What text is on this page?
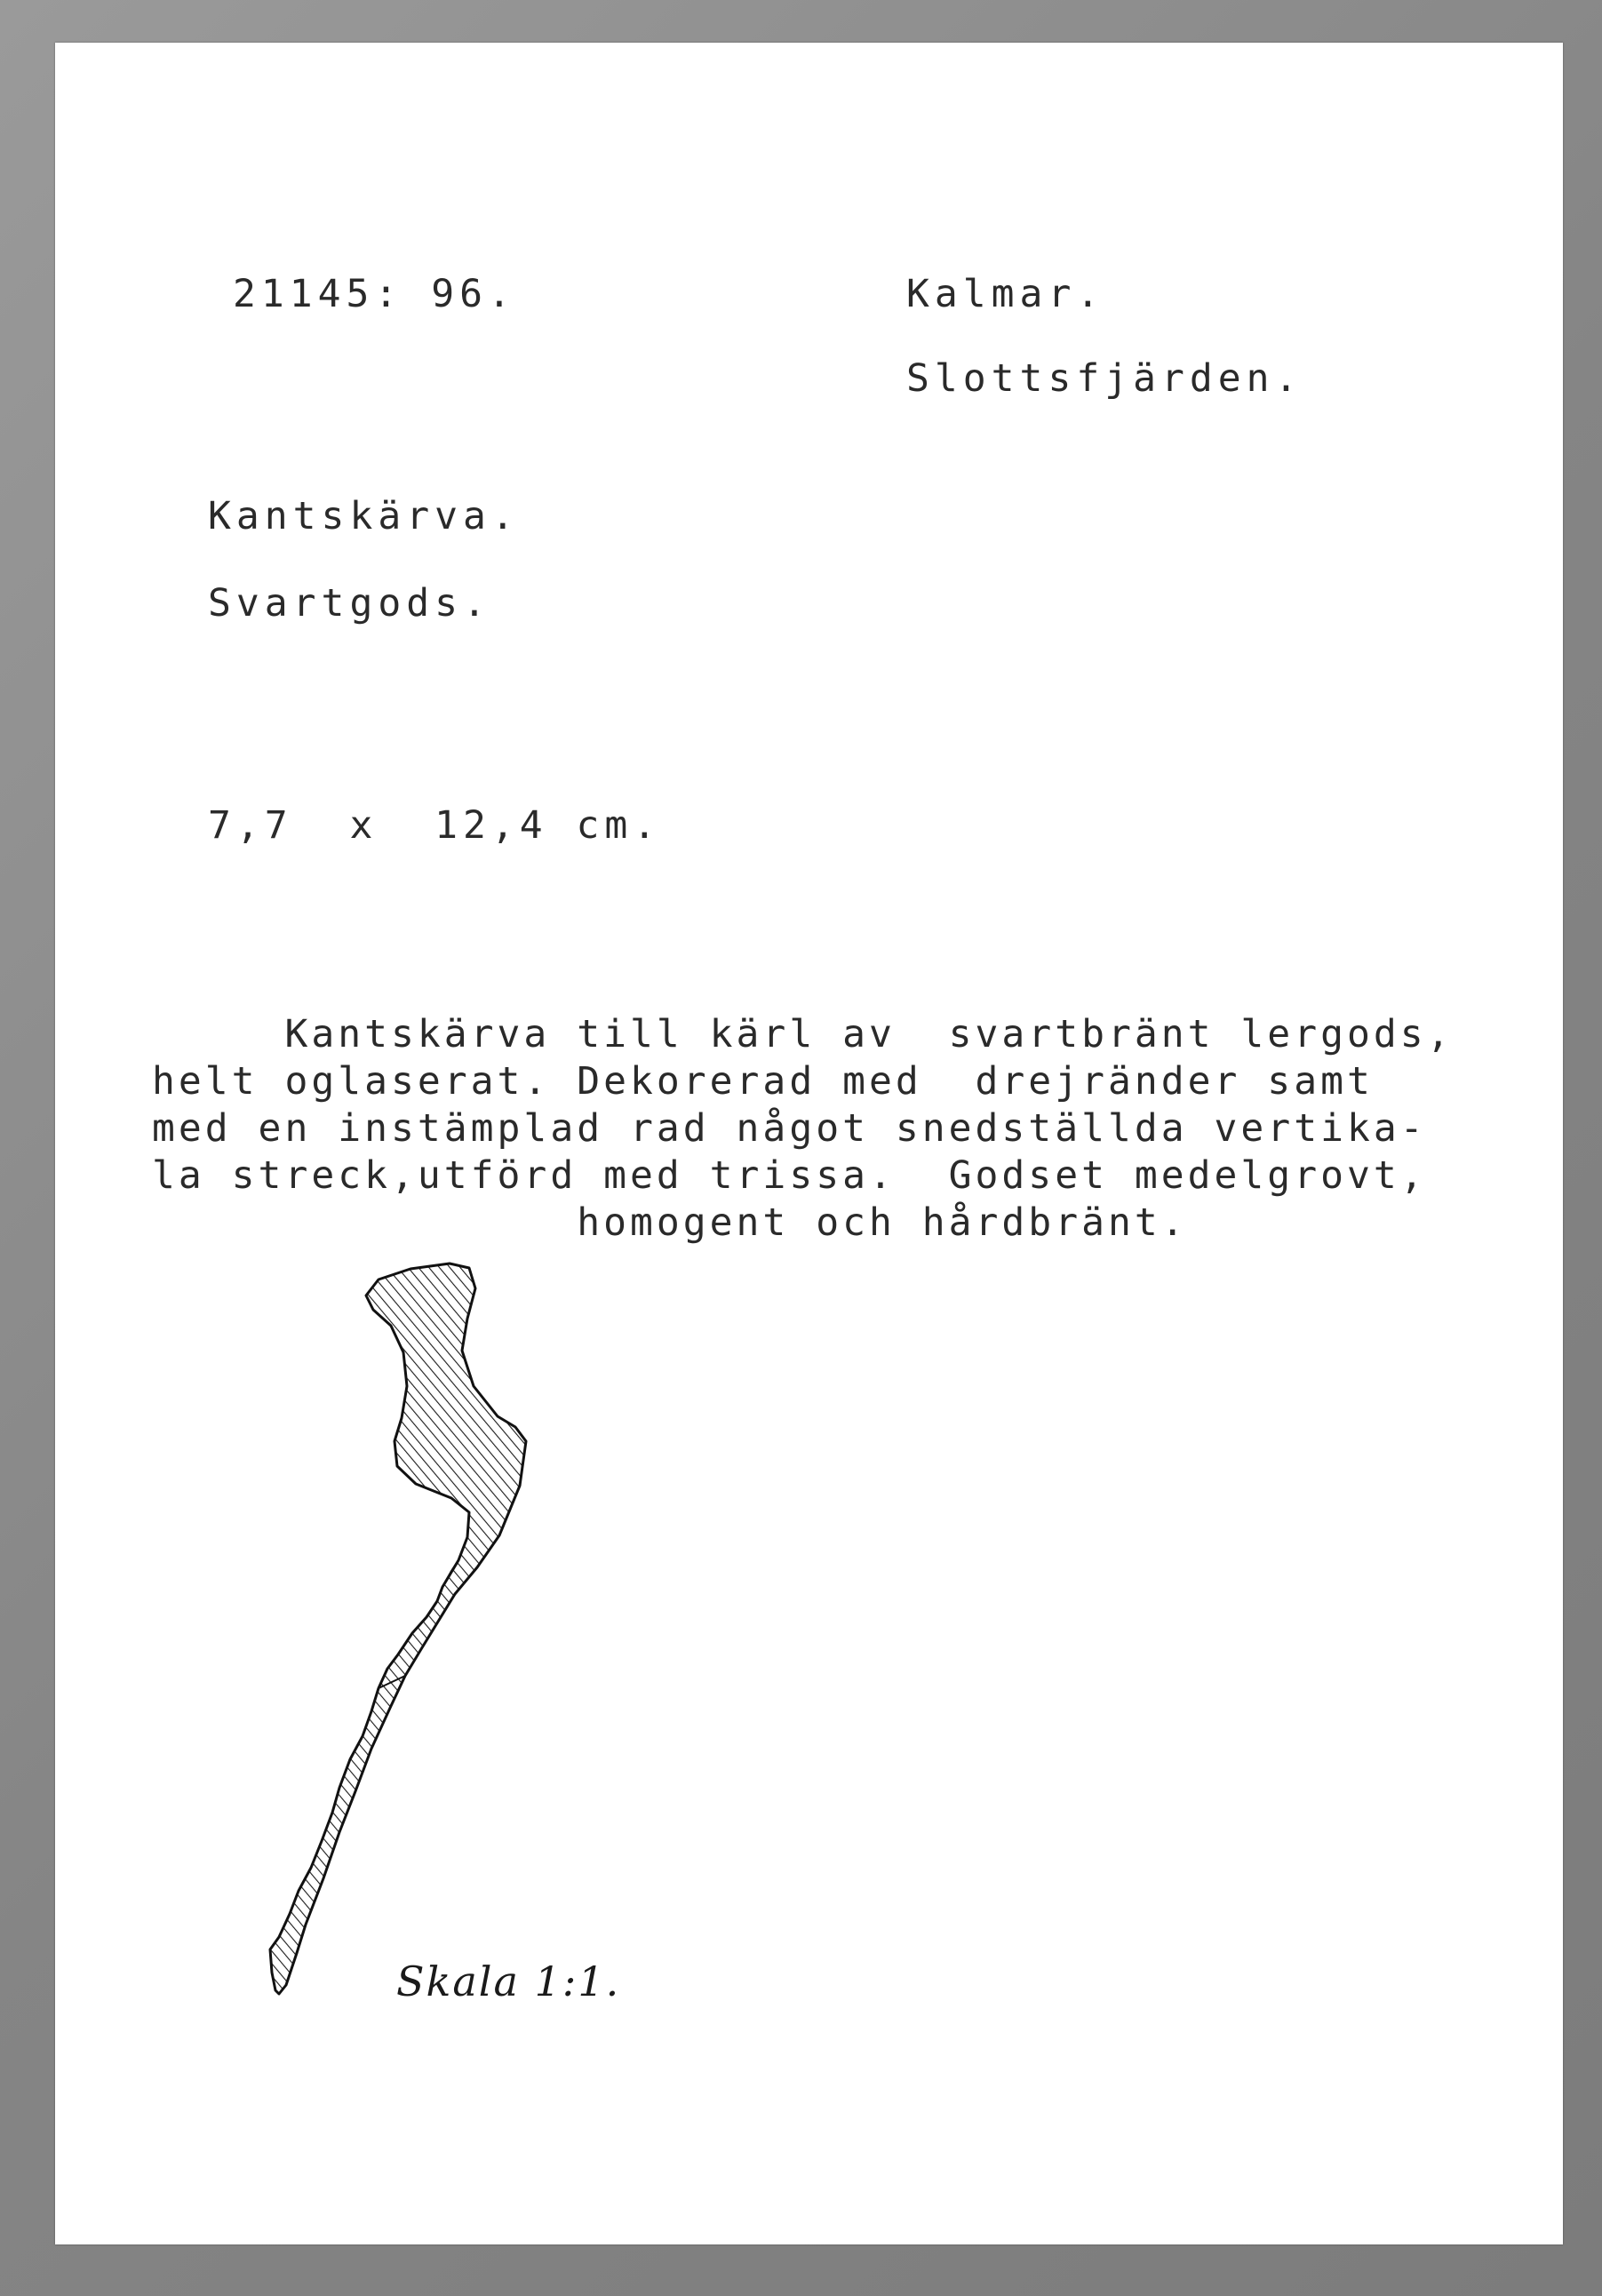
21145: 96.	Kalmar.

Slottsfjärden.

Kantskärva.

Svartgods.

7,7  x  12,4 cm.

Kantskärva till kärl av  svartbränt lergods,
helt oglaserat. Dekorerad med  drejränder samt
med en instämplad rad något snedställda vertika-
la streck,utförd med trissa.  Godset medelgrovt,
homogent och hårdbränt.

Skala 1:1.
